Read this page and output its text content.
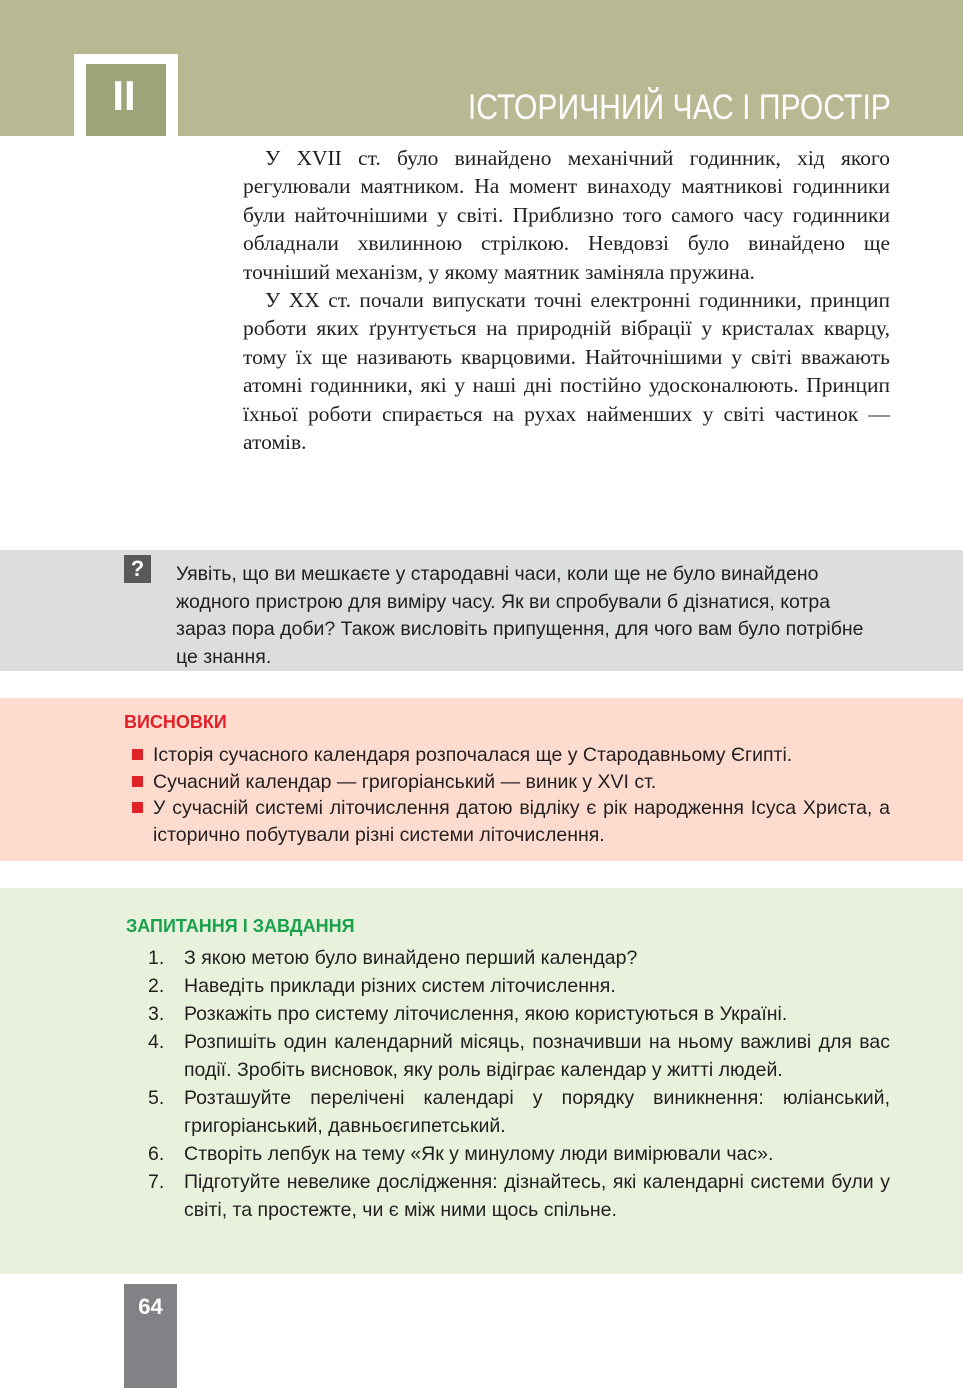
II	ІСТОРИЧНИЙ ЧАС І ПРОСТІР

У XVII ст. було винайдено механічний годинник, хід якого регулювали маятником. На момент винаходу маятникові годинники були найточнішими у світі. Приблизно того самого часу годинники обладнали хвилинною стрілкою. Невдовзі було винайдено ще точніший механізм, у якому маятник заміняла пружина.

У XX ст. почали випускати точні електронні годинники, принцип роботи яких ґрунтується на природній вібрації у кристалах кварцу, тому їх ще називають кварцовими. Найточнішими у світі вважають атомні годинники, які у наші дні постійно удосконалюють. Принцип їхньої роботи спирається на рухах найменших у світі частинок — атомів.

?	Уявіть, що ви мешкаєте у стародавні часи, коли ще не було винайдено жодного пристрою для виміру часу. Як ви спробували б дізнатися, котра зараз пора доби? Також висловіть припущення, для чого вам було потрібне це знання.
ВИСНОВКИ
Історія сучасного календаря розпочалася ще у Стародавньому Єгипті.
Сучасний календар — григоріанський — виник у XVI ст.
У сучасній системі літочислення датою відліку є рік народження Ісуса Христа, а історично побутували різні системи літочислення.
ЗАПИТАННЯ І ЗАВДАННЯ
1. З якою метою було винайдено перший календар?
2. Наведіть приклади різних систем літочислення.
3. Розкажіть про систему літочислення, якою користуються в Україні.
4. Розпишіть один календарний місяць, позначивши на ньому важливі для вас події. Зробіть висновок, яку роль відіграє календар у житті людей.
5. Розташуйте перелічені календарі у порядку виникнення: юліанський, григоріанський, давньоєгипетський.
6. Створіть лепбук на тему «Як у минулому люди вимірювали час».
7. Підготуйте невелике дослідження: дізнайтесь, які календарні системи були у світі, та простежте, чи є між ними щось спільне.
64
